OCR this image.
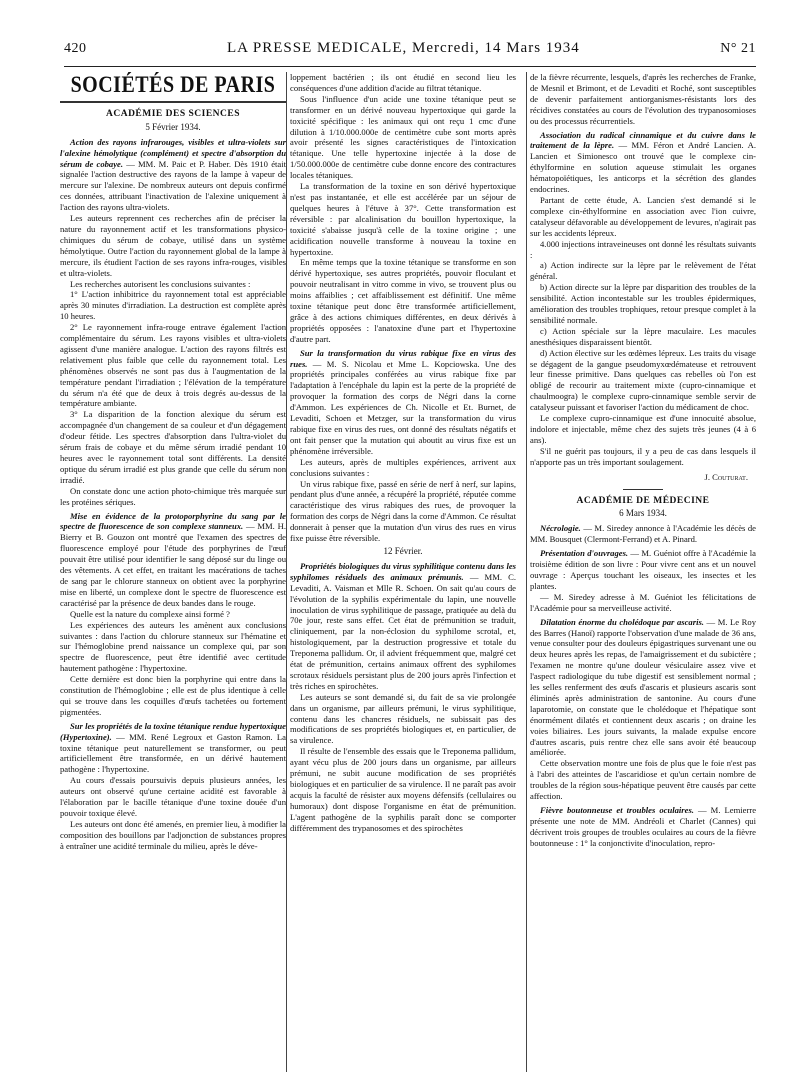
420	LA PRESSE MEDICALE, Mercredi, 14 Mars 1934	N° 21
SOCIÉTÉS DE PARIS
ACADÉMIE DES SCIENCES
5 Février 1934.

Action des rayons infrarouges, visibles et ultra-violets sur l'alexine hémolytique (complément) et spectre d'absorption du sérum de cobaye. — MM. M. Paic et P. Haber. Dès 1910 était signalée l'action destructive des rayons de la lampe à vapeur de mercure sur l'alexine. De nombreux auteurs ont depuis confirmé ces données, attribuant l'inactivation de l'alexine uniquement à l'action des rayons ultra-violets.

Les auteurs reprennent ces recherches afin de préciser la nature du rayonnement actif et les transformations physico-chimiques du sérum de cobaye, utilisé dans un système hémolytique. Outre l'action du rayonnement global de la lampe à mercure, ils étudient l'action de ses rayons infra-rouges, visibles et ultra-violets.

Les recherches autorisent les conclusions suivantes :

1° L'action inhibitrice du rayonnement total est appréciable après 30 minutes d'irradiation. La destruction est complète après 10 heures.

2° Le rayonnement infra-rouge entrave également l'action complémentaire du sérum. Les rayons visibles et ultra-violets agissent d'une manière analogue. L'action des rayons filtrés est relativement plus faible que celle du rayonnement total. Les phénomènes observés ne sont pas dus à l'augmentation de la température pendant l'irradiation ; l'élévation de la température du sérum n'a été que de deux à trois degrés au-dessus de la température ambiante.

3° La disparition de la fonction alexique du sérum est accompagnée d'un changement de sa couleur et d'un dégagement d'odeur fétide. Les spectres d'absorption dans l'ultra-violet du sérum frais de cobaye et du même sérum irradié pendant 10 heures avec le rayonnement total sont différents. La densité optique du sérum irradié est plus grande que celle du sérum non irradié.

On constate donc une action photo-chimique très marquée sur les protéines sériques.

Mise en évidence de la protoporphyrine du sang par le spectre de fluorescence de son complexe stanneux. — MM. H. Bierry et B. Gouzon ont montré que l'examen des spectres de fluorescence employé pour l'étude des porphyrines de l'œuf pouvait être utilisé pour identifier le sang déposé sur du linge ou des vêtements. A cet effet, en traitant les macérations de taches de sang par le chlorure stanneux on obtient avec la porphyrine mise en liberté, un complexe dont le spectre de fluorescence est caractérisé par la présence de deux bandes dans le rouge.

Quelle est la nature du complexe ainsi formé ?

Les expériences des auteurs les amènent aux conclusions suivantes : dans l'action du chlorure stanneux sur l'hématine et sur l'hémoglobine prend naissance un complexe qui, par son spectre de fluorescence, peut être identifié avec certitude hautement pathogène : l'hypertoxine.

Cette dernière est donc bien la porphyrine qui entre dans la constitution de l'hémoglobine ; elle est de plus identique à celle qui se trouve dans les coquilles d'œufs tachetées ou fortement pigmentées.

Sur les propriétés de la toxine tétanique rendue hypertoxique (Hypertoxine). — MM. René Legroux et Gaston Ramon. La toxine tétanique peut naturellement se transformer, ou peut artificiellement être transformée, en un dérivé hautement pathogène : l'hypertoxine.

Au cours d'essais poursuivis depuis plusieurs années, les auteurs ont observé qu'une certaine acidité est favorable à l'élaboration par le bacille tétanique d'une toxine douée d'un pouvoir toxique élevé.

Les auteurs ont donc été amenés, en premier lieu, à modifier la composition des bouillons par l'adjonction de substances propres à entraîner une acidité terminale du milieu, après le déve-

loppement bactérien ; ils ont étudié en second lieu les conséquences d'une addition d'acide au filtrat tétanique.

Sous l'influence d'un acide une toxine tétanique peut se transformer en un dérivé nouveau hypertoxique qui garde la toxicité spécifique : les animaux qui ont reçu 1 cmc d'une dilution à 1/10.000.000e de centimètre cube sont morts après avoir présenté les signes caractéristiques de l'intoxication tétanique. Une telle hypertoxine injectée à la dose de 1/50.000.000e de centimètre cube donne encore des contractures locales tétaniques.

La transformation de la toxine en son dérivé hypertoxique n'est pas instantanée, et elle est accélérée par un séjour de quelques heures à l'étuve à 37°. Cette transformation est réversible : par alcalinisation du bouillon hypertoxique, la toxicité s'abaisse jusqu'à celle de la toxine origine ; une acidification nouvelle transforme à nouveau la toxine en hypertoxine.

En même temps que la toxine tétanique se transforme en son dérivé hypertoxique, ses autres propriétés, pouvoir floculant et pouvoir neutralisant in vitro comme in vivo, se trouvent plus ou moins affaiblies ; cet affaiblissement est définitif. Une même toxine tétanique peut donc être transformée artificiellement, grâce à des actions chimiques différentes, en deux dérivés à propriétés opposées : l'anatoxine d'une part et l'hypertoxine d'autre part.

Sur la transformation du virus rabique fixe en virus des rues. — M. S. Nicolau et Mme L. Kopciowska. Une des propriétés principales conférées au virus rabique fixe par l'adaptation à l'encéphale du lapin est la perte de la propriété de provoquer la formation des corps de Négri dans la corne d'Ammon. Les expériences de Ch. Nicolle et Et. Burnet, de Levaditi, Schoen et Metzger, sur la transformation du virus rabique fixe en virus des rues, ont donné des résultats négatifs et ont fait penser que la mutation qui aboutit au virus fixe est un phénomène irréversible.

Les auteurs, après de multiples expériences, arrivent aux conclusions suivantes :

Un virus rabique fixe, passé en série de nerf à nerf, sur lapins, pendant plus d'une année, a récupéré la propriété, réputée comme caractéristique des virus rabiques des rues, de provoquer la formation des corps de Négri dans la corne d'Ammon. Ce résultat donnerait à penser que la mutation d'un virus des rues en virus fixe puisse être réversible.

12 Février.

Propriétés biologiques du virus syphilitique contenu dans les syphilomes résiduels des animaux prémunis. — MM. C. Levaditi, A. Vaisman et Mlle R. Schoen. On sait qu'au cours de l'évolution de la syphilis expérimentale du lapin, une nouvelle inoculation de virus syphilitique de passage, pratiquée au delà du 70e jour, reste sans effet. Cet état de prémunition se traduit, cliniquement, par la non-éclosion du syphilome scrotal, et, histologiquement, par la destruction progressive et totale du Treponema pallidum. Or, il advient fréquemment que, malgré cet état de prémunition, certains animaux offrent des syphilomes scrotaux résiduels persistant plus de 200 jours après l'infection et très riches en spirochètes.

Les auteurs se sont demandé si, du fait de sa vie prolongée dans un organisme, par ailleurs prémuni, le virus syphilitique, contenu dans les chancres résiduels, ne subissait pas des modifications de ses propriétés biologiques et, en particulier, de sa virulence.

Il résulte de l'ensemble des essais que le Treponema pallidum, ayant vécu plus de 200 jours dans un organisme, par ailleurs prémuni, ne subit aucune modification de ses propriétés biologiques et en particulier de sa virulence. Il ne paraît pas avoir acquis la faculté de résister aux moyens défensifs (cellulaires ou humoraux) dont dispose l'organisme en état de prémunition. L'agent pathogène de la syphilis paraît donc se comporter différemment des trypanosomes et des spirochètes

de la fièvre récurrente, lesquels, d'après les recherches de Franke, de Mesnil et Brimont, et de Levaditi et Roché, sont susceptibles de devenir parfaitement antiorganismes-résistants lors des récidives constatées au cours de l'évolution des trypanosomioses ou des processus récurrentiels.

Association du radical cinnamique et du cuivre dans le traitement de la lèpre. — MM. Féron et André Lancien. A. Lancien et Simionesco ont trouvé que le complexe cin-éthylformine en solution aqueuse stimulait les organes hématopoïétiques, les anticorps et la sécrétion des glandes endocrines.

Partant de cette étude, A. Lancien s'est demandé si le complexe cin-éthylformine en association avec l'ion cuivre, catalyseur défavorable au développement de levures, n'agirait pas sur les accidents lépreux.

4.000 injections intraveineuses ont donné les résultats suivants :

a) Action indirecte sur la lèpre par le relèvement de l'état général.

b) Action directe sur la lèpre par disparition des troubles de la sensibilité. Action incontestable sur les troubles épidermiques, amélioration des troubles trophiques, retour presque complet à la sensibilité normale.

c) Action spéciale sur la lèpre maculaire. Les macules anesthésiques disparaissent bientôt.

d) Action élective sur les œdèmes lépreux. Les traits du visage se dégagent de la gangue pseudomyxœdémateuse et retrouvent leur finesse primitive. Dans quelques cas rebelles où l'on est obligé de recourir au traitement mixte (cupro-cinnamique et chaulmoogra) le complexe cupro-cinnamique semble servir de catalyseur puissant et favoriser l'action du médicament de choc.

Le complexe cupro-cinnamique est d'une innocuité absolue, indolore et injectable, même chez des sujets très jeunes (4 à 6 ans).

S'il ne guérit pas toujours, il y a peu de cas dans lesquels il n'apporte pas un très important soulagement.

J. Couturat.
ACADÉMIE DE MÉDECINE
6 Mars 1934.

Nécrologie. — M. Siredey annonce à l'Académie les décès de MM. Bousquet (Clermont-Ferrand) et A. Pinard.

Présentation d'ouvrages. — M. Guéniot offre à l'Académie la troisième édition de son livre : Pour vivre cent ans et un nouvel ouvrage : Aperçus touchant les oiseaux, les insectes et les plantes.

— M. Siredey adresse à M. Guéniot les félicitations de l'Académie pour sa merveilleuse activité.

Dilatation énorme du cholédoque par ascaris. — M. Le Roy des Barres (Hanoï) rapporte l'observation d'une malade de 36 ans, venue consulter pour des douleurs épigastriques survenant une ou deux heures après les repas, de l'amaigrissement et du subictère ; l'examen ne montre qu'une douleur vésiculaire assez vive et l'aspect radiologique du tube digestif est sensiblement normal ; les selles renferment des œufs d'ascaris et plusieurs ascaris sont éliminés après administration de santonine. Au cours d'une laparotomie, on constate que le cholédoque et l'hépatique sont énormément dilatés et contiennent deux ascaris ; on draine les voies biliaires. Les jours suivants, la malade expulse encore d'autres ascaris, puis rentre chez elle sans avoir été beaucoup améliorée.

Cette observation montre une fois de plus que le foie n'est pas à l'abri des atteintes de l'ascaridiose et qu'un certain nombre de troubles de la région sous-hépatique peuvent être causés par cette affection.

Fièvre boutonneuse et troubles oculaires. — M. Lemierre présente une note de MM. Andréoli et Charlet (Cannes) qui décrivent trois groupes de troubles oculaires au cours de la fièvre boutonneuse : 1° la conjonctivite d'inoculation, repro-
